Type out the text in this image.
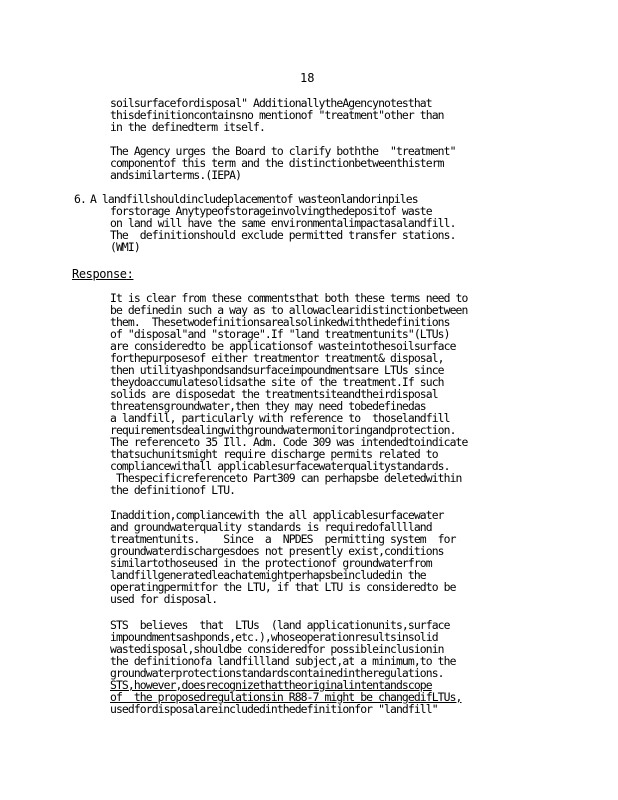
18
soilsurfacefordisposal" AdditionallytheAgencynotesthat
thisdefinitioncontainsno mentionof "treatment"other than
in the definedterm itself.
The Agency urges the Board to clarify boththe  "treatment"
componentof this term and the distinctionbetweenthisterm
andsimilarterms.(IEPA)
6. A landfillshouldincludeplacementof wasteonlandorinpiles
forstorage Anytypeofstorageinvolvingthedepositof waste
on land will have the same environmentalimpactasalandfill.
The  definitionshould exclude permitted transfer stations.
(WMI)
Response:
It is clear from these commentsthat both these terms need to
be definedin such a way as to allowaclearidistinctionbetween
them.  Thesetwodefinitionsarealsolinkedwiththedefinitions
of "disposal"and "storage".If "land treatmentunits"(LTUs)
are consideredto be applicationsof wasteintothesoilsurface
forthepurposesof either treatmentor treatment& disposal,
then utilityashpondsandsurfaceimpoundmentsare LTUs since
theydoaccumulatesolidsathe site of the treatment.If such
solids are disposedat the treatmentsiteandtheirdisposal
threatensgroundwater,then they may need tobedefinedas
a landfill, particularly with reference to  thoselandfill
requirementsdealingwithgroundwatermonitoringandprotection.
The referenceto 35 Ill. Adm. Code 309 was intendedtoindicate
thatsuchunitsmight require discharge permits related to
compliancewithall applicablesurfacewaterqualitystandards.
Thespecificreferenceto Part309 can perhapsbe deletedwithin
the definitionof LTU.
Inaddition,compliancewith the all applicablesurfacewater
and groundwaterquality standards is requiredofalllland
treatmentunits.    Since  a  NPDES  permitting system  for
groundwaterdischargesdoes not presently exist,conditions
similartothoseused in the protectionof groundwaterfrom
landfillgeneratedleachatemightperhapsbeincludedin the
operatingpermitfor the LTU, if that LTU is consideredto be
used for disposal.
STS  believes  that  LTUs  (land applicationunits,surface
impoundmentsashponds,etc.),whoseoperationresultsinsolid
wastedisposal,shouldbe consideredfor possibleinclusionin
the definitionofa landfillland subject,at a minimum,to the
groundwaterprotectionstandardscontainedintheregulations.
STS,however,doesrecognizethattheoriginalintentandscope
of  the proposedregulationsin R88-7 might be changedifLTUs,
usedfordisposalareincludedinthedefinitionfor "landfill"
